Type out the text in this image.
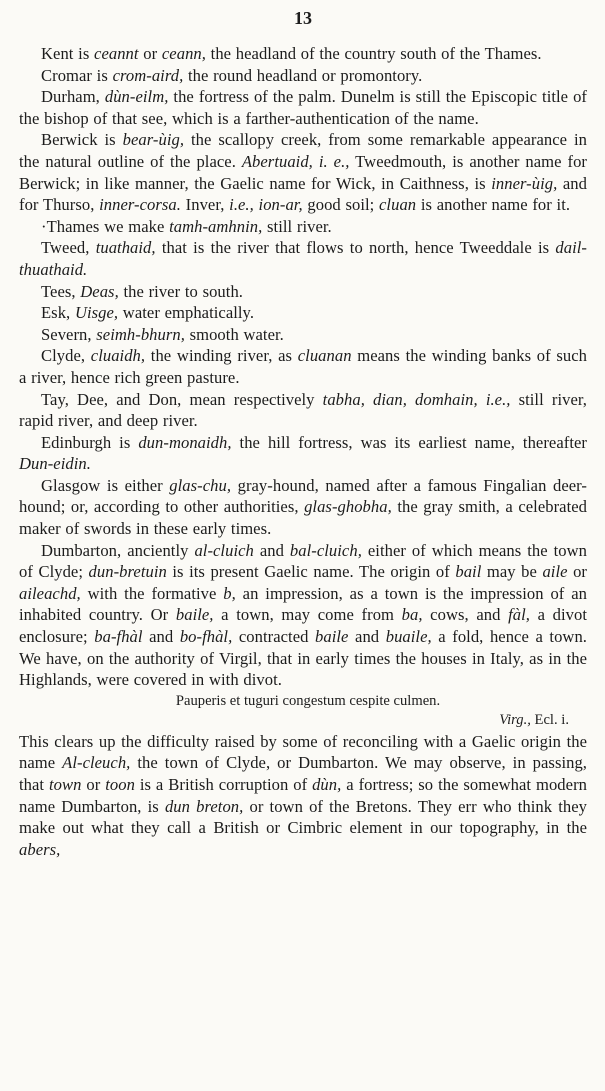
13

Kent is ceannt or ceann, the headland of the country south of the Thames.

Cromar is crom-aird, the round headland or promontory.

Durham, dùn-eilm, the fortress of the palm. Dunelm is still the Episcopic title of the bishop of that see, which is a farther-authentication of the name.

Berwick is bear-ùig, the scallopy creek, from some remarkable appearance in the natural outline of the place. Abertuaid, i. e., Tweedmouth, is another name for Berwick; in like manner, the Gaelic name for Wick, in Caithness, is inner-ùig, and for Thurso, inner-corsa. Inver, i.e., ion-ar, good soil; cluan is another name for it.

·Thames we make tamh-amhnin, still river.

Tweed, tuathaid, that is the river that flows to north, hence Tweeddale is dail-thuathaid.

Tees, Deas, the river to south.

Esk, Uisge, water emphatically.

Severn, seimh-bhurn, smooth water.

Clyde, cluaidh, the winding river, as cluanan means the winding banks of such a river, hence rich green pasture.

Tay, Dee, and Don, mean respectively tabha, dian, domhain, i.e., still river, rapid river, and deep river.

Edinburgh is dun-monaidh, the hill fortress, was its earliest name, thereafter Dun-eidin.

Glasgow is either glas-chu, gray-hound, named after a famous Fingalian deer-hound; or, according to other authorities, glas-ghobha, the gray smith, a celebrated maker of swords in these early times.

Dumbarton, anciently al-cluich and bal-cluich, either of which means the town of Clyde; dun-bretuin is its present Gaelic name. The origin of bail may be aile or aileachd, with the formative b, an impression, as a town is the impression of an inhabited country. Or baile, a town, may come from ba, cows, and fàl, a divot enclosure; ba-fhàl and bo-fhàl, contracted baile and buaile, a fold, hence a town. We have, on the authority of Virgil, that in early times the houses in Italy, as in the Highlands, were covered in with divot.

Pauperis et tuguri congestum cespite culmen.

Virg., Ecl. i.

This clears up the difficulty raised by some of reconciling with a Gaelic origin the name Al-cleuch, the town of Clyde, or Dumbarton. We may observe, in passing, that town or toon is a British corruption of dùn, a fortress; so the somewhat modern name Dumbarton, is dun breton, or town of the Bretons. They err who think they make out what they call a British or Cimbric element in our topography, in the abers,
